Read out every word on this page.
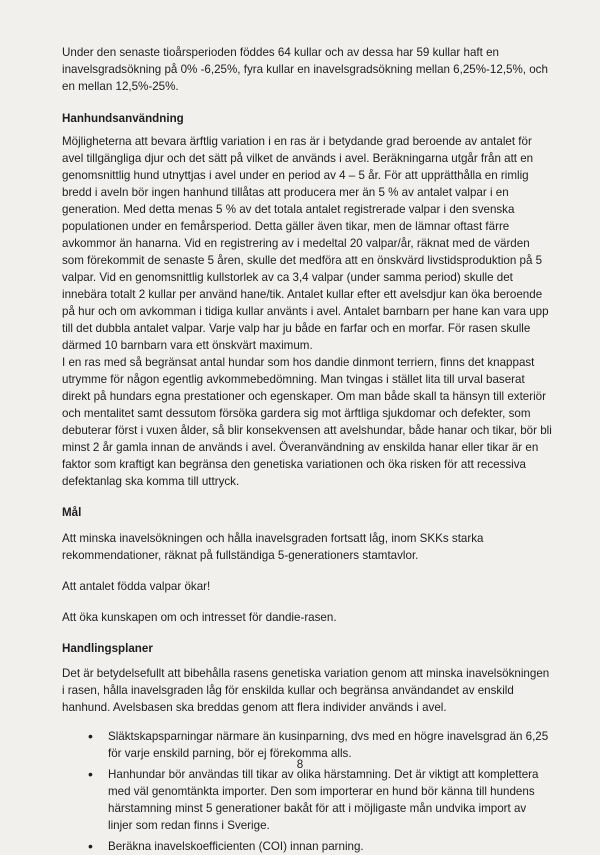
Under den senaste tioårsperioden föddes 64 kullar och av dessa har 59 kullar haft en inavelsgradsökning på 0% -6,25%, fyra kullar en inavelsgradsökning mellan 6,25%-12,5%, och en mellan 12,5%-25%.

Hanhundsanvändning

Möjligheterna att bevara ärftlig variation i en ras är i betydande grad beroende av antalet för avel tillgängliga djur och det sätt på vilket de används i avel. Beräkningarna utgår från att en genomsnittlig hund utnyttjas i avel under en period av 4 – 5 år. För att upprätthålla en rimlig bredd i aveln bör ingen hanhund tillåtas att producera mer än 5 % av antalet valpar i en generation. Med detta menas 5 % av det totala antalet registrerade valpar i den svenska populationen under en femårsperiod. Detta gäller även tikar, men de lämnar oftast färre avkommor än hanarna. Vid en registrering av i medeltal 20 valpar/år, räknat med de värden som förekommit de senaste 5 åren, skulle det medföra att en önskvärd livstidsproduktion på 5 valpar. Vid en genomsnittlig kullstorlek av ca 3,4 valpar (under samma period) skulle det innebära totalt 2 kullar per använd hane/tik. Antalet kullar efter ett avelsdjur kan öka beroende på hur och om avkomman i tidiga kullar använts i avel. Antalet barnbarn per hane kan vara upp till det dubbla antalet valpar. Varje valp har ju både en farfar och en morfar. För rasen skulle därmed 10 barnbarn vara ett önskvärt maximum.

I en ras med så begränsat antal hundar som hos dandie dinmont terriern, finns det knappast utrymme för någon egentlig avkommebedömning. Man tvingas i stället lita till urval baserat direkt på hundars egna prestationer och egenskaper. Om man både skall ta hänsyn till exteriör och mentalitet samt dessutom försöka gardera sig mot ärftliga sjukdomar och defekter, som debuterar först i vuxen ålder, så blir konsekvensen att avelshundar, både hanar och tikar, bör bli minst 2 år gamla innan de används i avel. Överanvändning av enskilda hanar eller tikar är en faktor som kraftigt kan begränsa den genetiska variationen och öka risken för att recessiva defektanlag ska komma till uttryck.

Mål

Att minska inavelsökningen och hålla inavelsgraden fortsatt låg, inom SKKs starka rekommendationer, räknat på fullständiga 5-generationers stamtavlor.

Att antalet födda valpar ökar!

Att öka kunskapen om och intresset för dandie-rasen.

Handlingsplaner

Det är betydelsefullt att bibehålla rasens genetiska variation genom att minska inavelsökningen i rasen, hålla inavelsgraden låg för enskilda kullar och begränsa användandet av enskild hanhund. Avelsbasen ska breddas genom att flera individer används i avel.

• Släktskapsparningar närmare än kusinparning, dvs med en högre inavelsgrad än 6,25 för varje enskild parning, bör ej förekomma alls.
• Hanhundar bör användas till tikar av olika härstamning. Det är viktigt att komplettera med väl genomtänkta importer. Den som importerar en hund bör känna till hundens härstamning minst 5 generationer bakåt för att i möjligaste mån undvika import av linjer som redan finns i Sverige.
• Beräkna inavelskoefficienten (COI) innan parning.
8
